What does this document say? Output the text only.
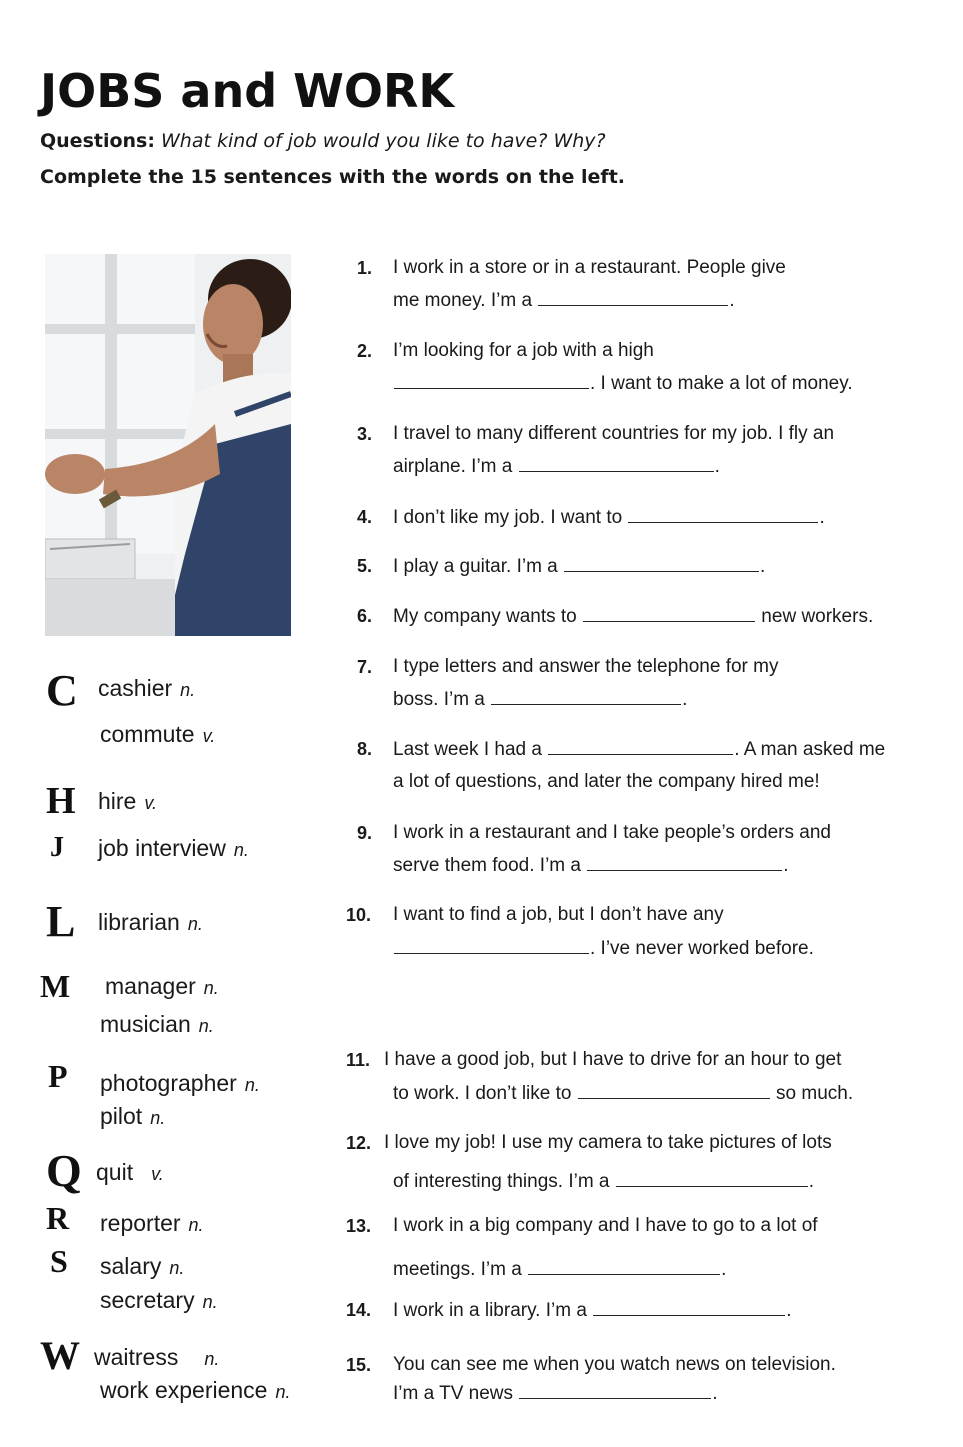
JOBS and WORK
Questions: What kind of job would you like to have? Why?
Complete the 15 sentences with the words on the left.
C
H
J
L
M
P
Q
R
S
W
cashier n.
commute v.
hire v.
job interview n.
librarian n.
manager n.
musician n.
photographer n.
pilot n.
quit v.
reporter n.
salary n.
secretary n.
waitress n.
work experience n.
1. I work in a store or in a restaurant. People give
me money. I’m a	.
2. I’m looking for a job with a high
. I want to make a lot of money.
3. I travel to many different countries for my job. I fly an
airplane. I’m a	.
4. I don’t like my job. I want to	.
5. I play a guitar. I’m a	.
6. My company wants to	new workers.
7. I type letters and answer the telephone for my
boss. I’m a	.
8. Last week I had a	. A man asked me
a lot of questions, and later the company hired me!
9. I work in a restaurant and I take people’s orders and
serve them food. I’m a	.
10. I want to find a job, but I don’t have any
. I’ve never worked before.
11. I have a good job, but I have to drive for an hour to get
to work. I don’t like to	so much.
12. I love my job! I use my camera to take pictures of lots
of interesting things. I’m a	.
13. I work in a big company and I have to go to a lot of
meetings. I’m a	.
14. I work in a library. I’m a	.
15. You can see me when you watch news on television.
I’m a TV news	.
